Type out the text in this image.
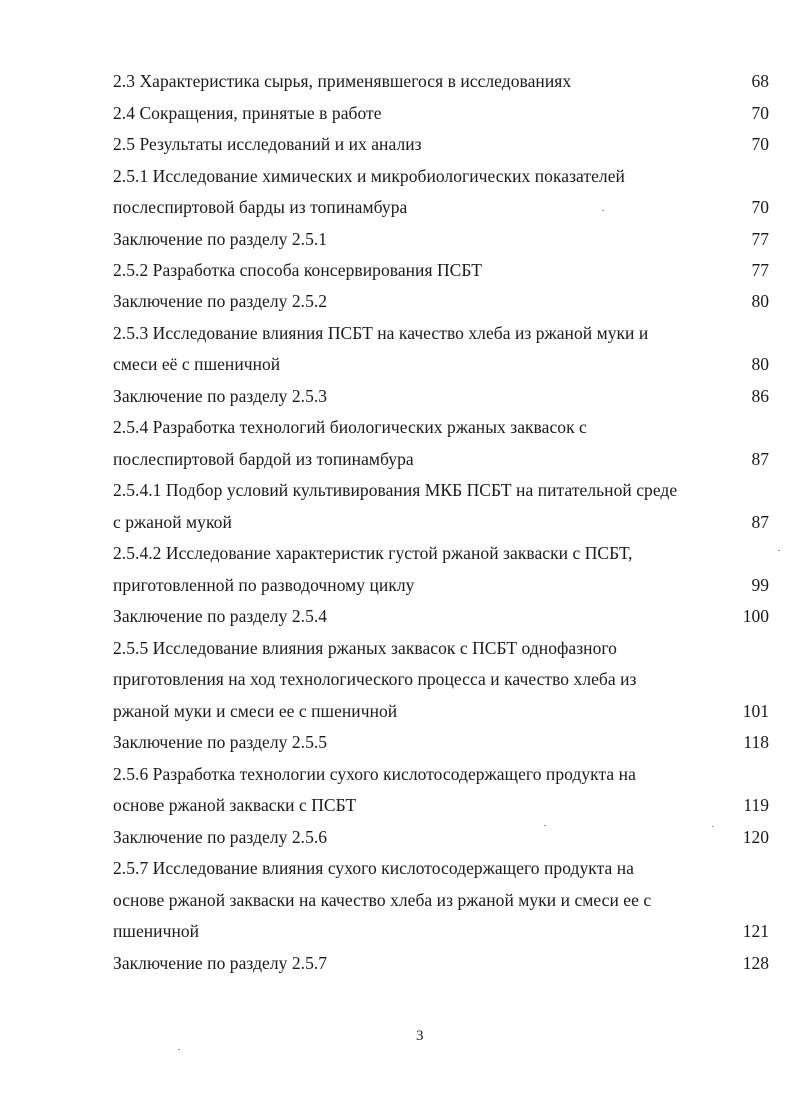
2.3 Характеристика сырья, применявшегося в исследованиях	68
2.4 Сокращения, принятые в работе	70
2.5 Результаты исследований и их анализ	70
2.5.1 Исследование химических и микробиологических показателей
послеспиртовой барды из топинамбура	70
Заключение по разделу 2.5.1	77
2.5.2 Разработка способа консервирования ПСБТ	77
Заключение по разделу 2.5.2	80
2.5.3 Исследование влияния ПСБТ на качество хлеба из ржаной муки и
смеси её с пшеничной	80
Заключение по разделу 2.5.3	86
2.5.4 Разработка технологий биологических ржаных заквасок с
послеспиртовой бардой из топинамбура	87
2.5.4.1 Подбор условий культивирования МКБ ПСБТ на питательной среде
с ржаной мукой	87
2.5.4.2 Исследование характеристик густой ржаной закваски с ПСБТ,
приготовленной по разводочному циклу	99
Заключение по разделу 2.5.4	100
2.5.5 Исследование влияния ржаных заквасок с ПСБТ однофазного
приготовления на ход технологического процесса и качество хлеба из
ржаной муки и смеси ее с пшеничной	101
Заключение по разделу 2.5.5	118
2.5.6 Разработка технологии сухого кислотосодержащего продукта на
основе ржаной закваски с ПСБТ	119
Заключение по разделу 2.5.6	120
2.5.7 Исследование влияния сухого кислотосодержащего продукта на
основе ржаной закваски на качество хлеба из ржаной муки и смеси ее с
пшеничной	121
Заключение по разделу 2.5.7	128
3
